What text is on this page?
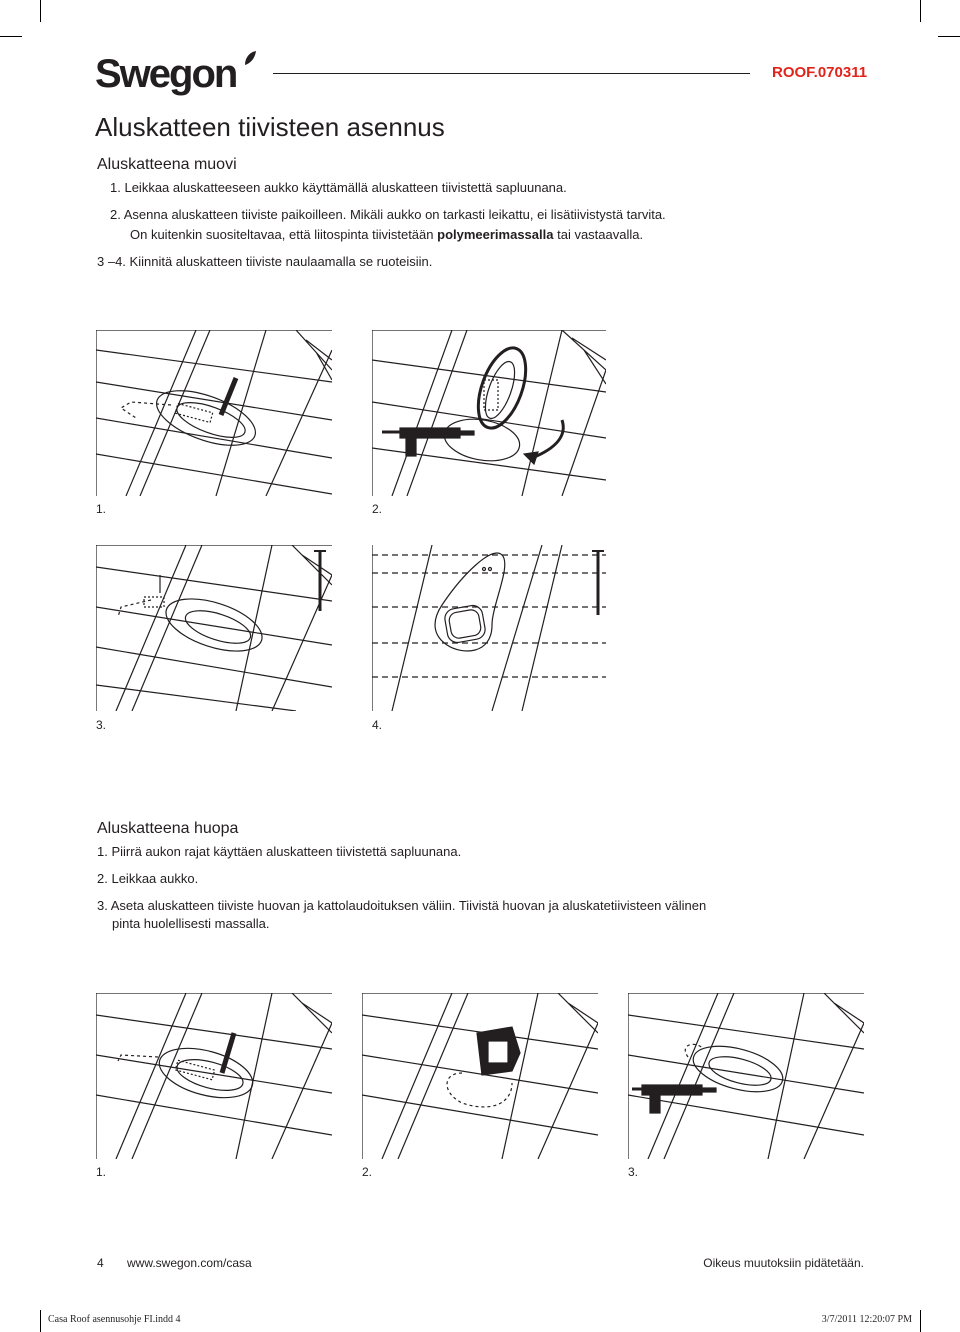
Swegon	ROOF.070311
Aluskatteen tiivisteen asennus
Aluskatteena muovi
1. Leikkaa aluskatteeseen aukko käyttämällä aluskatteen tiivistettä sapluunana.
2. Asenna aluskatteen tiiviste paikoilleen. Mikäli aukko on tarkasti leikattu, ei lisätiivistystä tarvita.
On kuitenkin suositeltavaa, että liitospinta tiivistetään polymeerimassalla tai vastaavalla.
3 –4. Kiinnitä aluskatteen tiiviste naulaamalla se ruoteisiin.
1.	2.
3.	4.
Aluskatteena huopa
1. Piirrä aukon rajat käyttäen aluskatteen tiivistettä sapluunana.
2. Leikkaa aukko.
3. Aseta aluskatteen tiiviste huovan ja kattolaudoituksen väliin. Tiivistä huovan ja aluskatetiivisteen välinen
pinta huolellisesti massalla.
1.	2.	3.
4 www.swegon.com/casa	Oikeus muutoksiin pidätetään.
Casa Roof asennusohje FI.indd 4	3/7/2011 12:20:07 PM
